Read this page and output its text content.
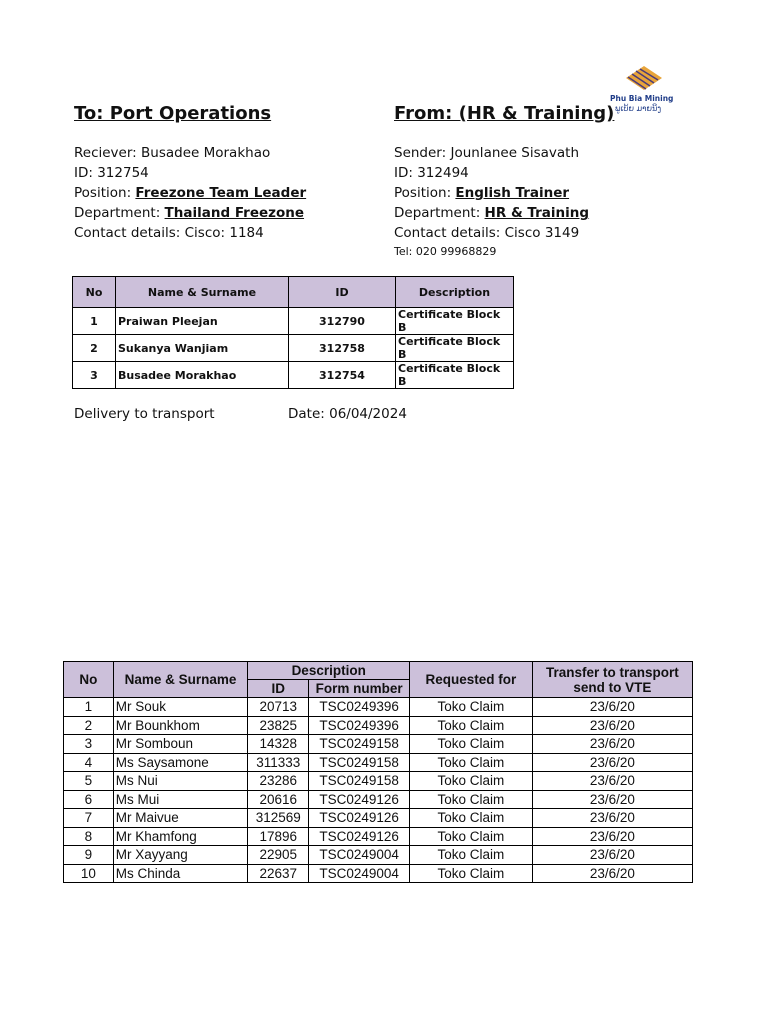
Phu Bia Mining
ພູເບ້ຍ ມາຍນິງ
To: Port Operations
Reciever: Busadee Morakhao
ID: 312754
Position: Freezone Team Leader
Department: Thailand Freezone
Contact details: Cisco: 1184
From: (HR & Training)
Sender: Jounlanee Sisavath
ID: 312494
Position: English Trainer
Department: HR & Training
Contact details: Cisco 3149
Tel: 020 99968829
No	Name & Surname	ID	Description
1	Praiwan Pleejan	312790	Certificate Block B
2	Sukanya Wanjiam	312758	Certificate Block B
3	Busadee Morakhao	312754	Certificate Block B
Delivery to transport	Date: 06/04/2024
No	Name & Surname	Description		Requested for	Transfer to transport send to VTE
		ID	Form number		
1	Mr Souk	20713	TSC0249396	Toko Claim	23/6/20
2	Mr Bounkhom	23825	TSC0249396	Toko Claim	23/6/20
3	Mr Somboun	14328	TSC0249158	Toko Claim	23/6/20
4	Ms Saysamone	311333	TSC0249158	Toko Claim	23/6/20
5	Ms Nui	23286	TSC0249158	Toko Claim	23/6/20
6	Ms Mui	20616	TSC0249126	Toko Claim	23/6/20
7	Mr Maivue	312569	TSC0249126	Toko Claim	23/6/20
8	Mr Khamfong	17896	TSC0249126	Toko Claim	23/6/20
9	Mr Xayyang	22905	TSC0249004	Toko Claim	23/6/20
10	Ms Chinda	22637	TSC0249004	Toko Claim	23/6/20
